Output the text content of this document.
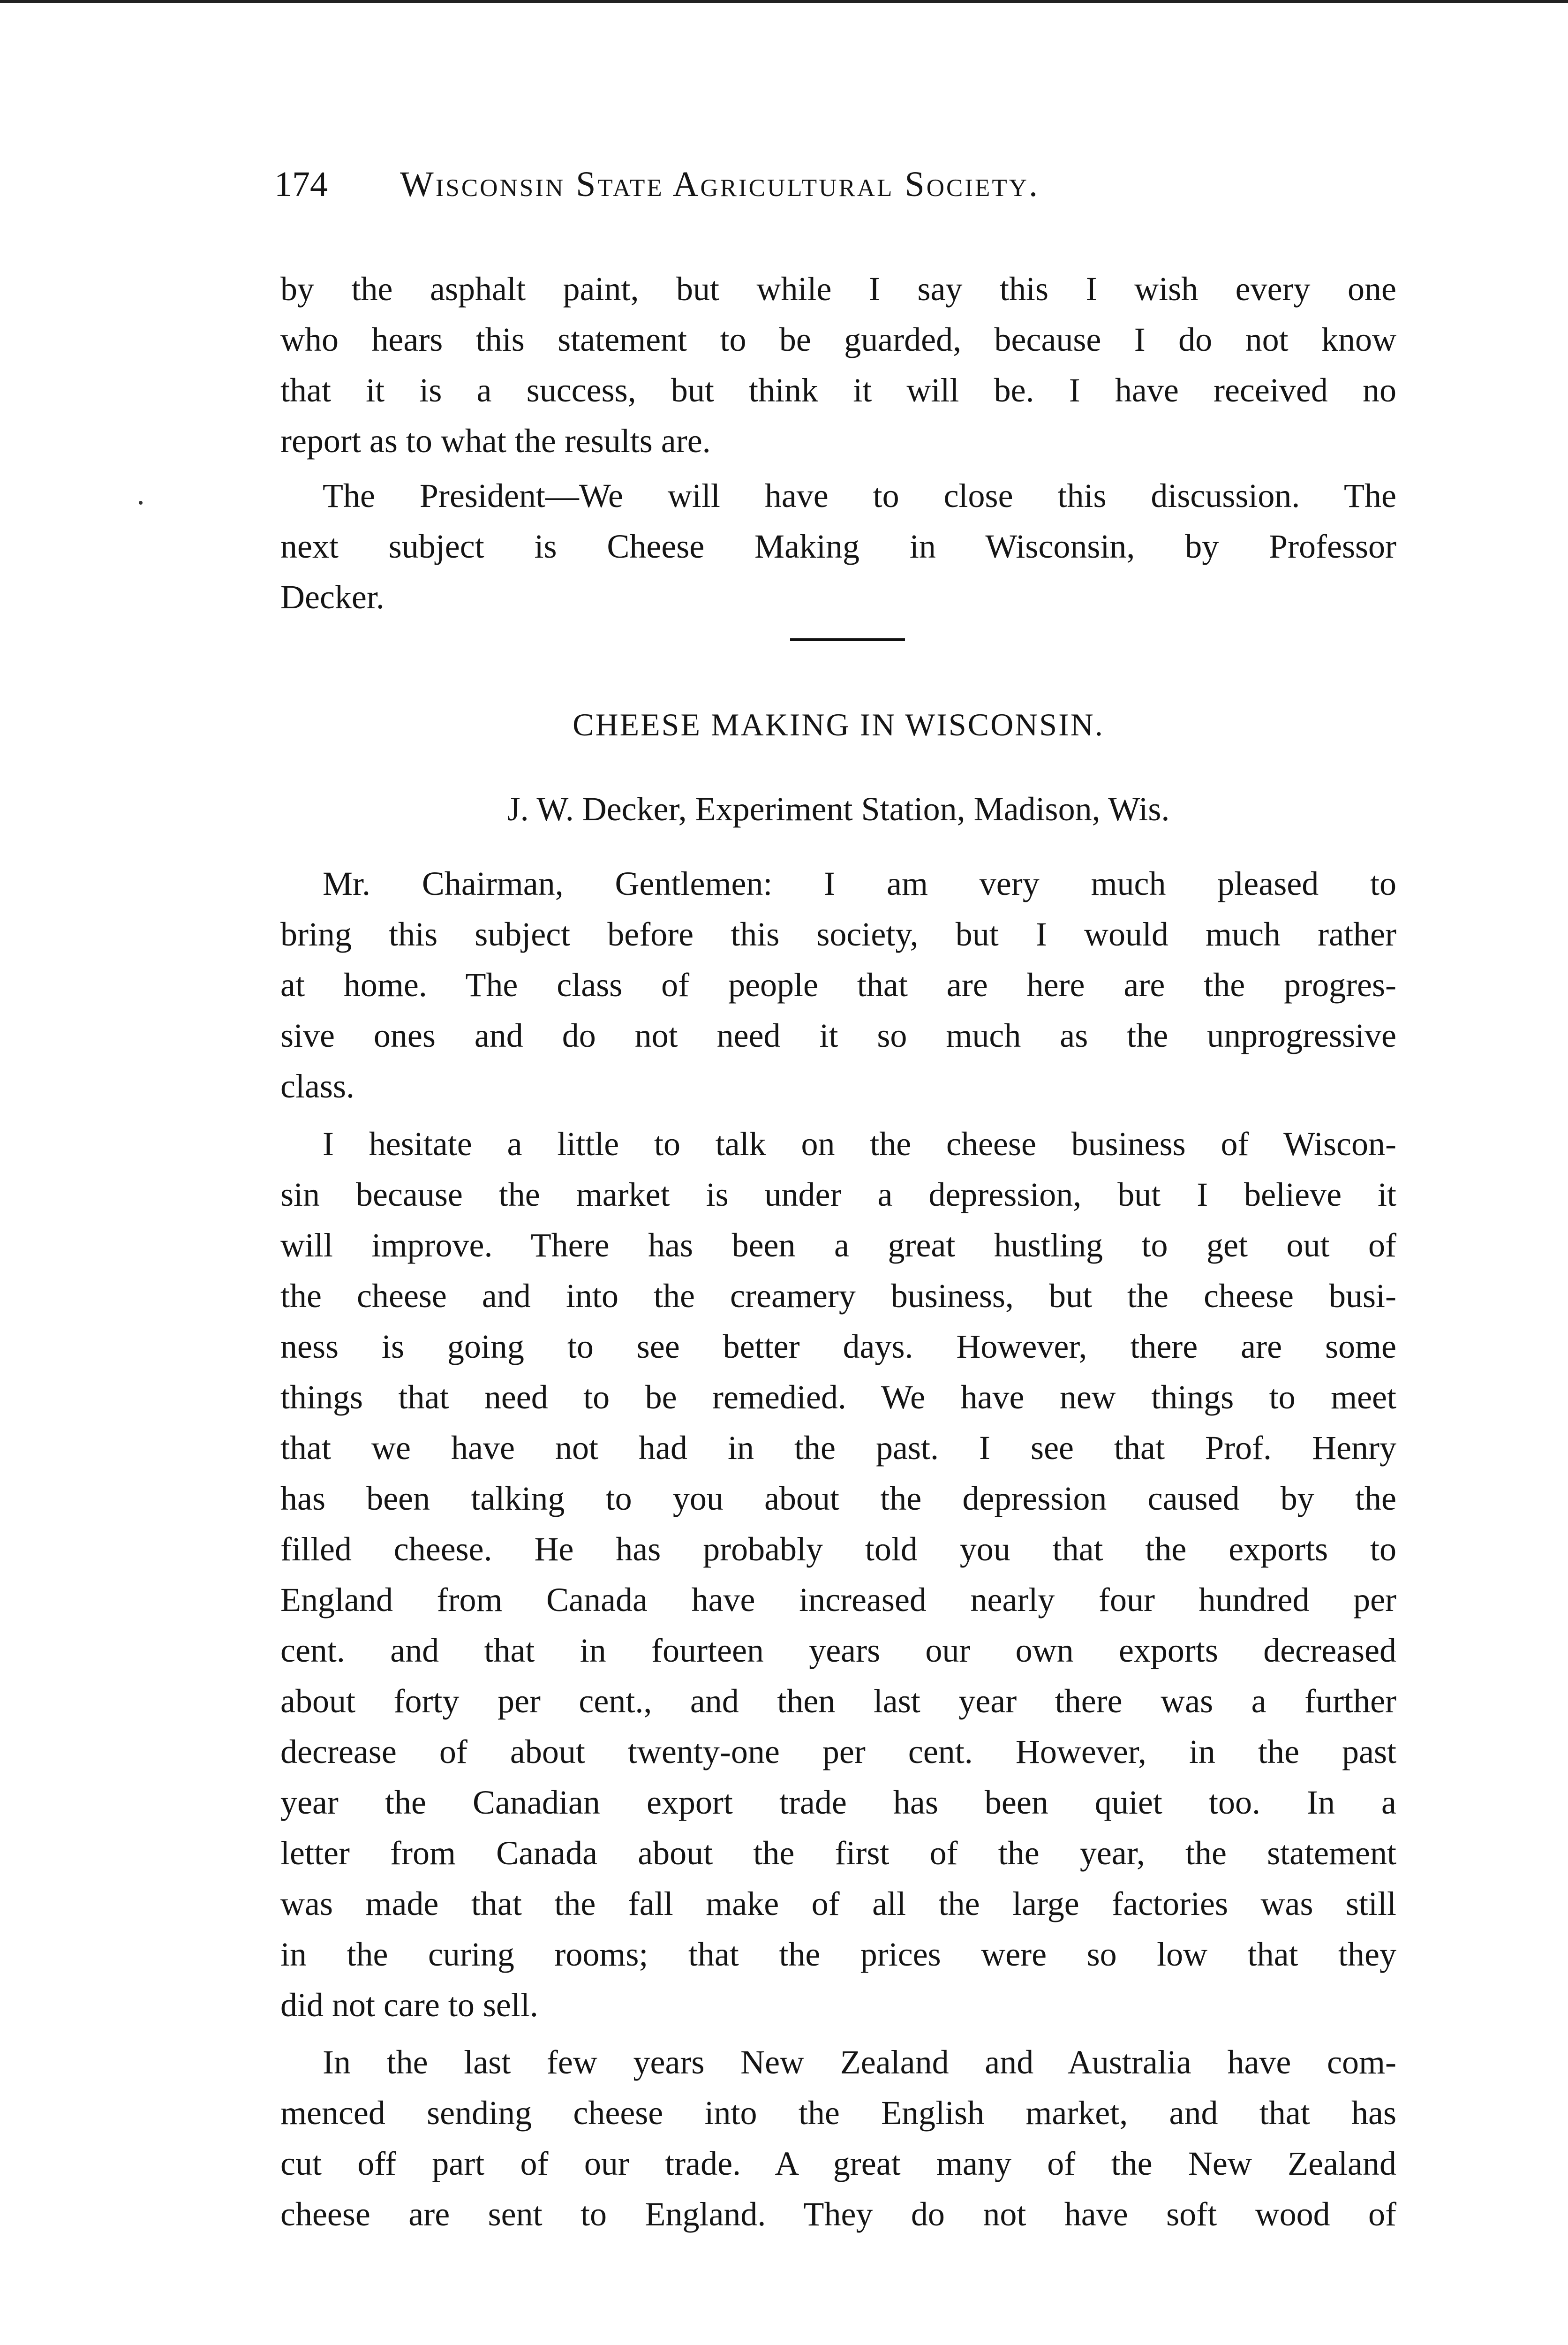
174 Wisconsin State Agricultural Society.
by the asphalt paint, but while I say this I wish every one
who hears this statement to be guarded, because I do not know
that it is a success, but think it will be. I have received no
report as to what the results are.
The President—We will have to close this discussion. The
next subject is Cheese Making in Wisconsin, by Professor
Decker.
CHEESE MAKING IN WISCONSIN.
J. W. Decker, Experiment Station, Madison, Wis.
Mr. Chairman, Gentlemen: I am very much pleased to
bring this subject before this society, but I would much rather
at home. The class of people that are here are the progres-
sive ones and do not need it so much as the unprogressive
class.
I hesitate a little to talk on the cheese business of Wiscon-
sin because the market is under a depression, but I believe it
will improve. There has been a great hustling to get out of
the cheese and into the creamery business, but the cheese busi-
ness is going to see better days. However, there are some
things that need to be remedied. We have new things to meet
that we have not had in the past. I see that Prof. Henry
has been talking to you about the depression caused by the
filled cheese. He has probably told you that the exports to
England from Canada have increased nearly four hundred per
cent. and that in fourteen years our own exports decreased
about forty per cent., and then last year there was a further
decrease of about twenty-one per cent. However, in the past
year the Canadian export trade has been quiet too. In a
letter from Canada about the first of the year, the statement
was made that the fall make of all the large factories was still
in the curing rooms; that the prices were so low that they
did not care to sell.
In the last few years New Zealand and Australia have com-
menced sending cheese into the English market, and that has
cut off part of our trade. A great many of the New Zealand
cheese are sent to England. They do not have soft wood of
